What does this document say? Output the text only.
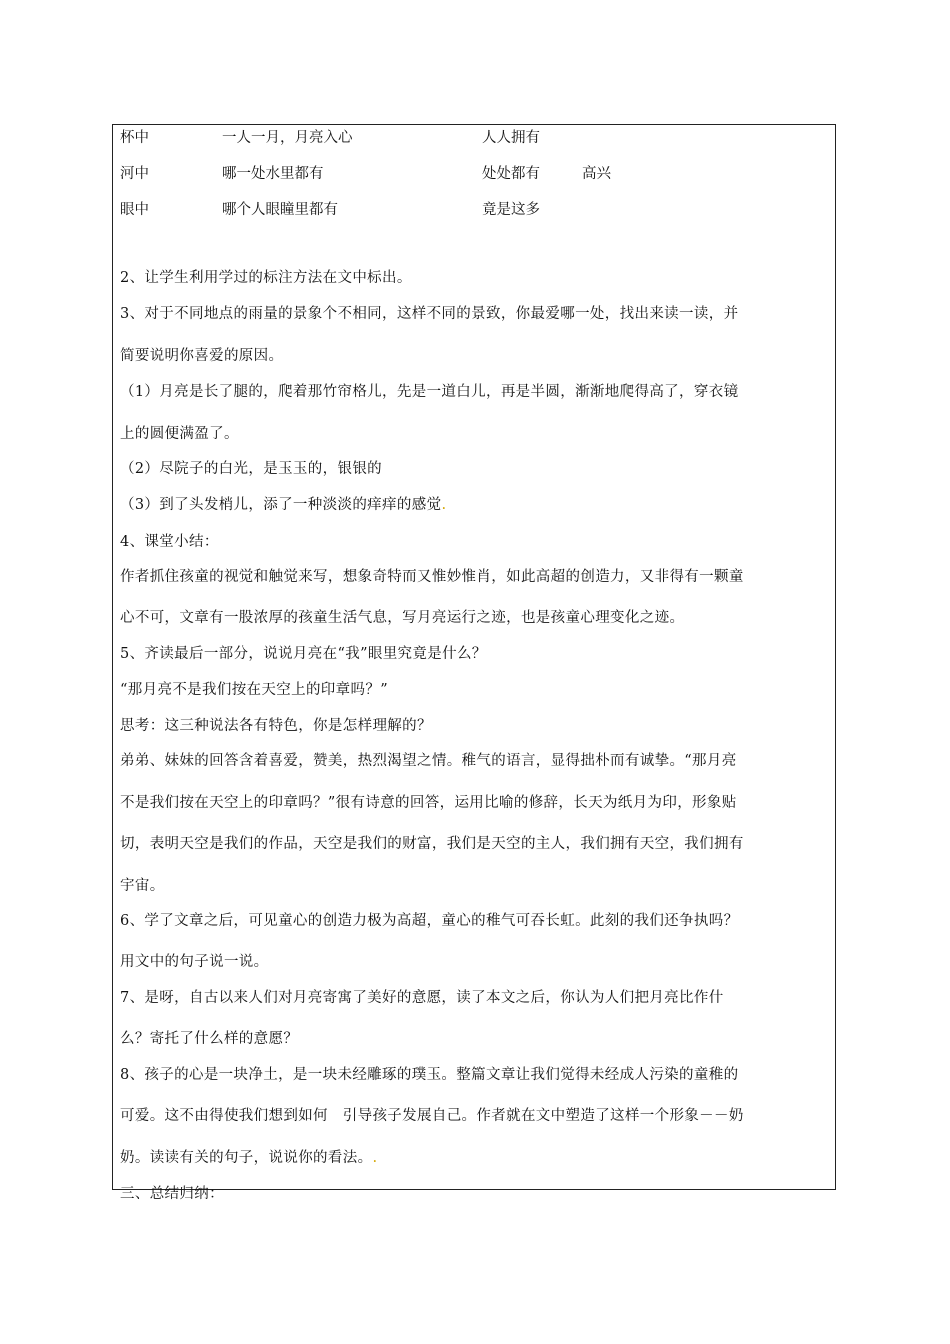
杯中	一人一月，月亮入心	人人拥有
河中	哪一处水里都有	处处都有	高兴
眼中	哪个人眼瞳里都有	竟是这多
2、让学生利用学过的标注方法在文中标出。
3、对于不同地点的雨量的景象个不相同，这样不同的景致，你最爱哪一处，找出来读一读，并
简要说明你喜爱的原因。
（1）月亮是长了腿的，爬着那竹帘格儿，先是一道白儿，再是半圆，渐渐地爬得高了，穿衣镜
上的圆便满盈了。
（2）尽院子的白光，是玉玉的，银银的
（3）到了头发梢儿，添了一种淡淡的痒痒的感觉.
4、课堂小结：
作者抓住孩童的视觉和触觉来写，想象奇特而又惟妙惟肖，如此高超的创造力，又非得有一颗童
心不可，文章有一股浓厚的孩童生活气息，写月亮运行之迹，也是孩童心理变化之迹。
5、齐读最后一部分，说说月亮在“我”眼里究竟是什么？
“那月亮不是我们按在天空上的印章吗？”
思考：这三种说法各有特色，你是怎样理解的？
弟弟、妹妹的回答含着喜爱，赞美，热烈渴望之情。稚气的语言，显得拙朴而有诚挚。“那月亮
不是我们按在天空上的印章吗？”很有诗意的回答，运用比喻的修辞，长天为纸月为印，形象贴
切，表明天空是我们的作品，天空是我们的财富，我们是天空的主人，我们拥有天空，我们拥有
宇宙。
6、学了文章之后，可见童心的创造力极为高超，童心的稚气可吞长虹。此刻的我们还争执吗？
用文中的句子说一说。
7、是呀，自古以来人们对月亮寄寓了美好的意愿，读了本文之后，你认为人们把月亮比作什
么？寄托了什么样的意愿？
8、孩子的心是一块净土，是一块未经雕琢的璞玉。整篇文章让我们觉得未经成人污染的童稚的
可爱。这不由得使我们想到如何　引导孩子发展自己。作者就在文中塑造了这样一个形象－－奶
奶。读读有关的句子，说说你的看法。.
三、总结归纳：
